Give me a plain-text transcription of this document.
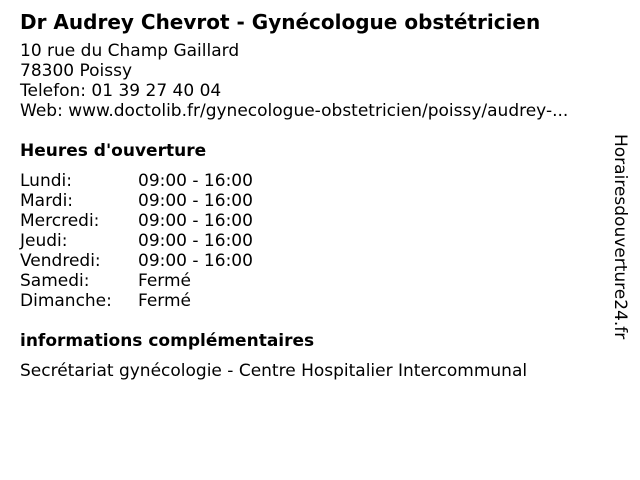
Dr Audrey Chevrot - Gynécologue obstétricien
10 rue du Champ Gaillard
78300 Poissy
Telefon: 01 39 27 40 04
Web: www.doctolib.fr/gynecologue-obstetricien/poissy/audrey-...
Heures d'ouverture
Lundi:	09:00 - 16:00
Mardi:	09:00 - 16:00
Mercredi:	09:00 - 16:00
Jeudi:	09:00 - 16:00
Vendredi:	09:00 - 16:00
Samedi:	Fermé
Dimanche:	Fermé
informations complémentaires
Secrétariat gynécologie - Centre Hospitalier Intercommunal
Horairesdouverture24.fr
